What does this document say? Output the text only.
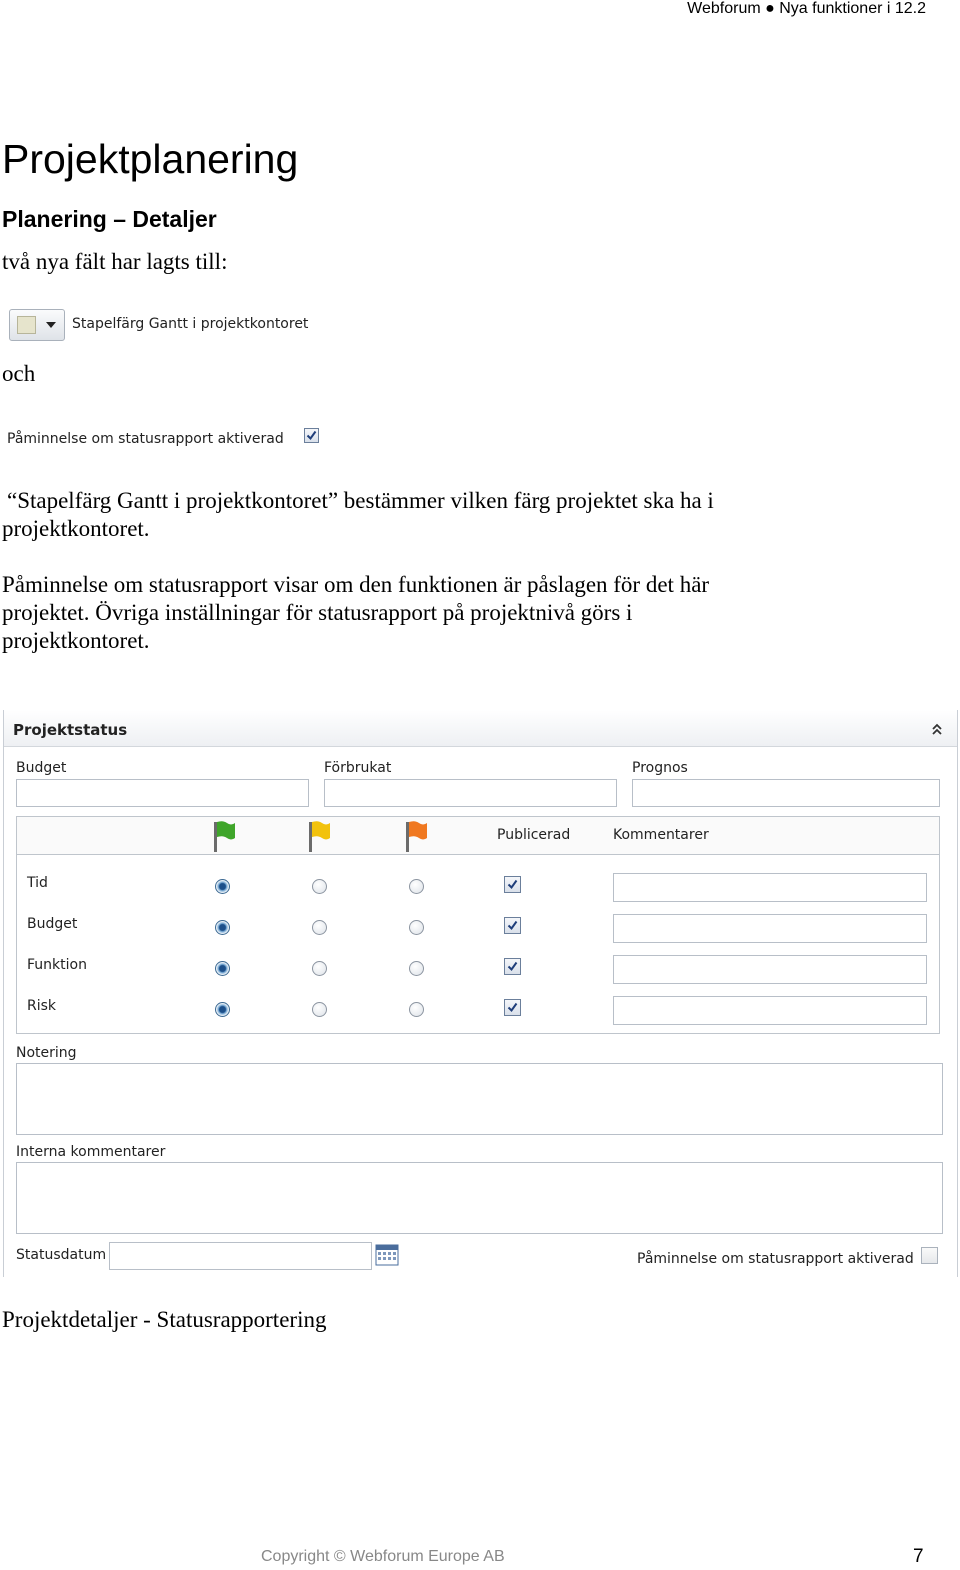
Webforum ● Nya funktioner i 12.2
Projektplanering
Planering – Detaljer
två nya fält har lagts till:
Stapelfärg Gantt i projektkontoret
och
Påminnelse om statusrapport aktiverad
“Stapelfärg Gantt i projektkontoret” bestämmer vilken färg projektet ska ha i
projektkontoret.
Påminnelse om statusrapport visar om den funktionen är påslagen för det här
projektet. Övriga inställningar för statusrapport på projektnivå görs i
projektkontoret.
Projektstatus
Budget	Förbrukat	Prognos
Publicerad	Kommentarer
Tid
Budget
Funktion
Risk
Notering
Interna kommentarer
Statusdatum	Påminnelse om statusrapport aktiverad
Projektdetaljer - Statusrapportering
Copyright © Webforum Europe AB	7
